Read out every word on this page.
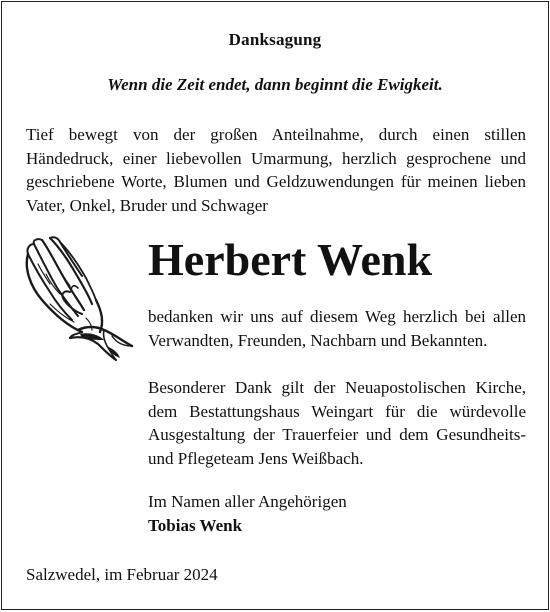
Danksagung
Wenn die Zeit endet, dann beginnt die Ewigkeit.

Tief bewegt von der großen Anteilnahme, durch einen stillen Händedruck, einer liebevollen Umarmung, herzlich gesprochene und geschriebene Worte, Blumen und Geldzuwendungen für meinen lieben Vater, Onkel, Bruder und Schwager

Herbert Wenk

bedanken wir uns auf diesem Weg herzlich bei allen Verwandten, Freunden, Nachbarn und Bekannten.

Besonderer Dank gilt der Neuapostolischen Kirche, dem Bestattungshaus Weingart für die würdevolle Ausgestaltung der Trauerfeier und dem Gesundheits- und Pflegeteam Jens Weißbach.

Im Namen aller Angehörigen
Tobias Wenk
Salzwedel, im Februar 2024
